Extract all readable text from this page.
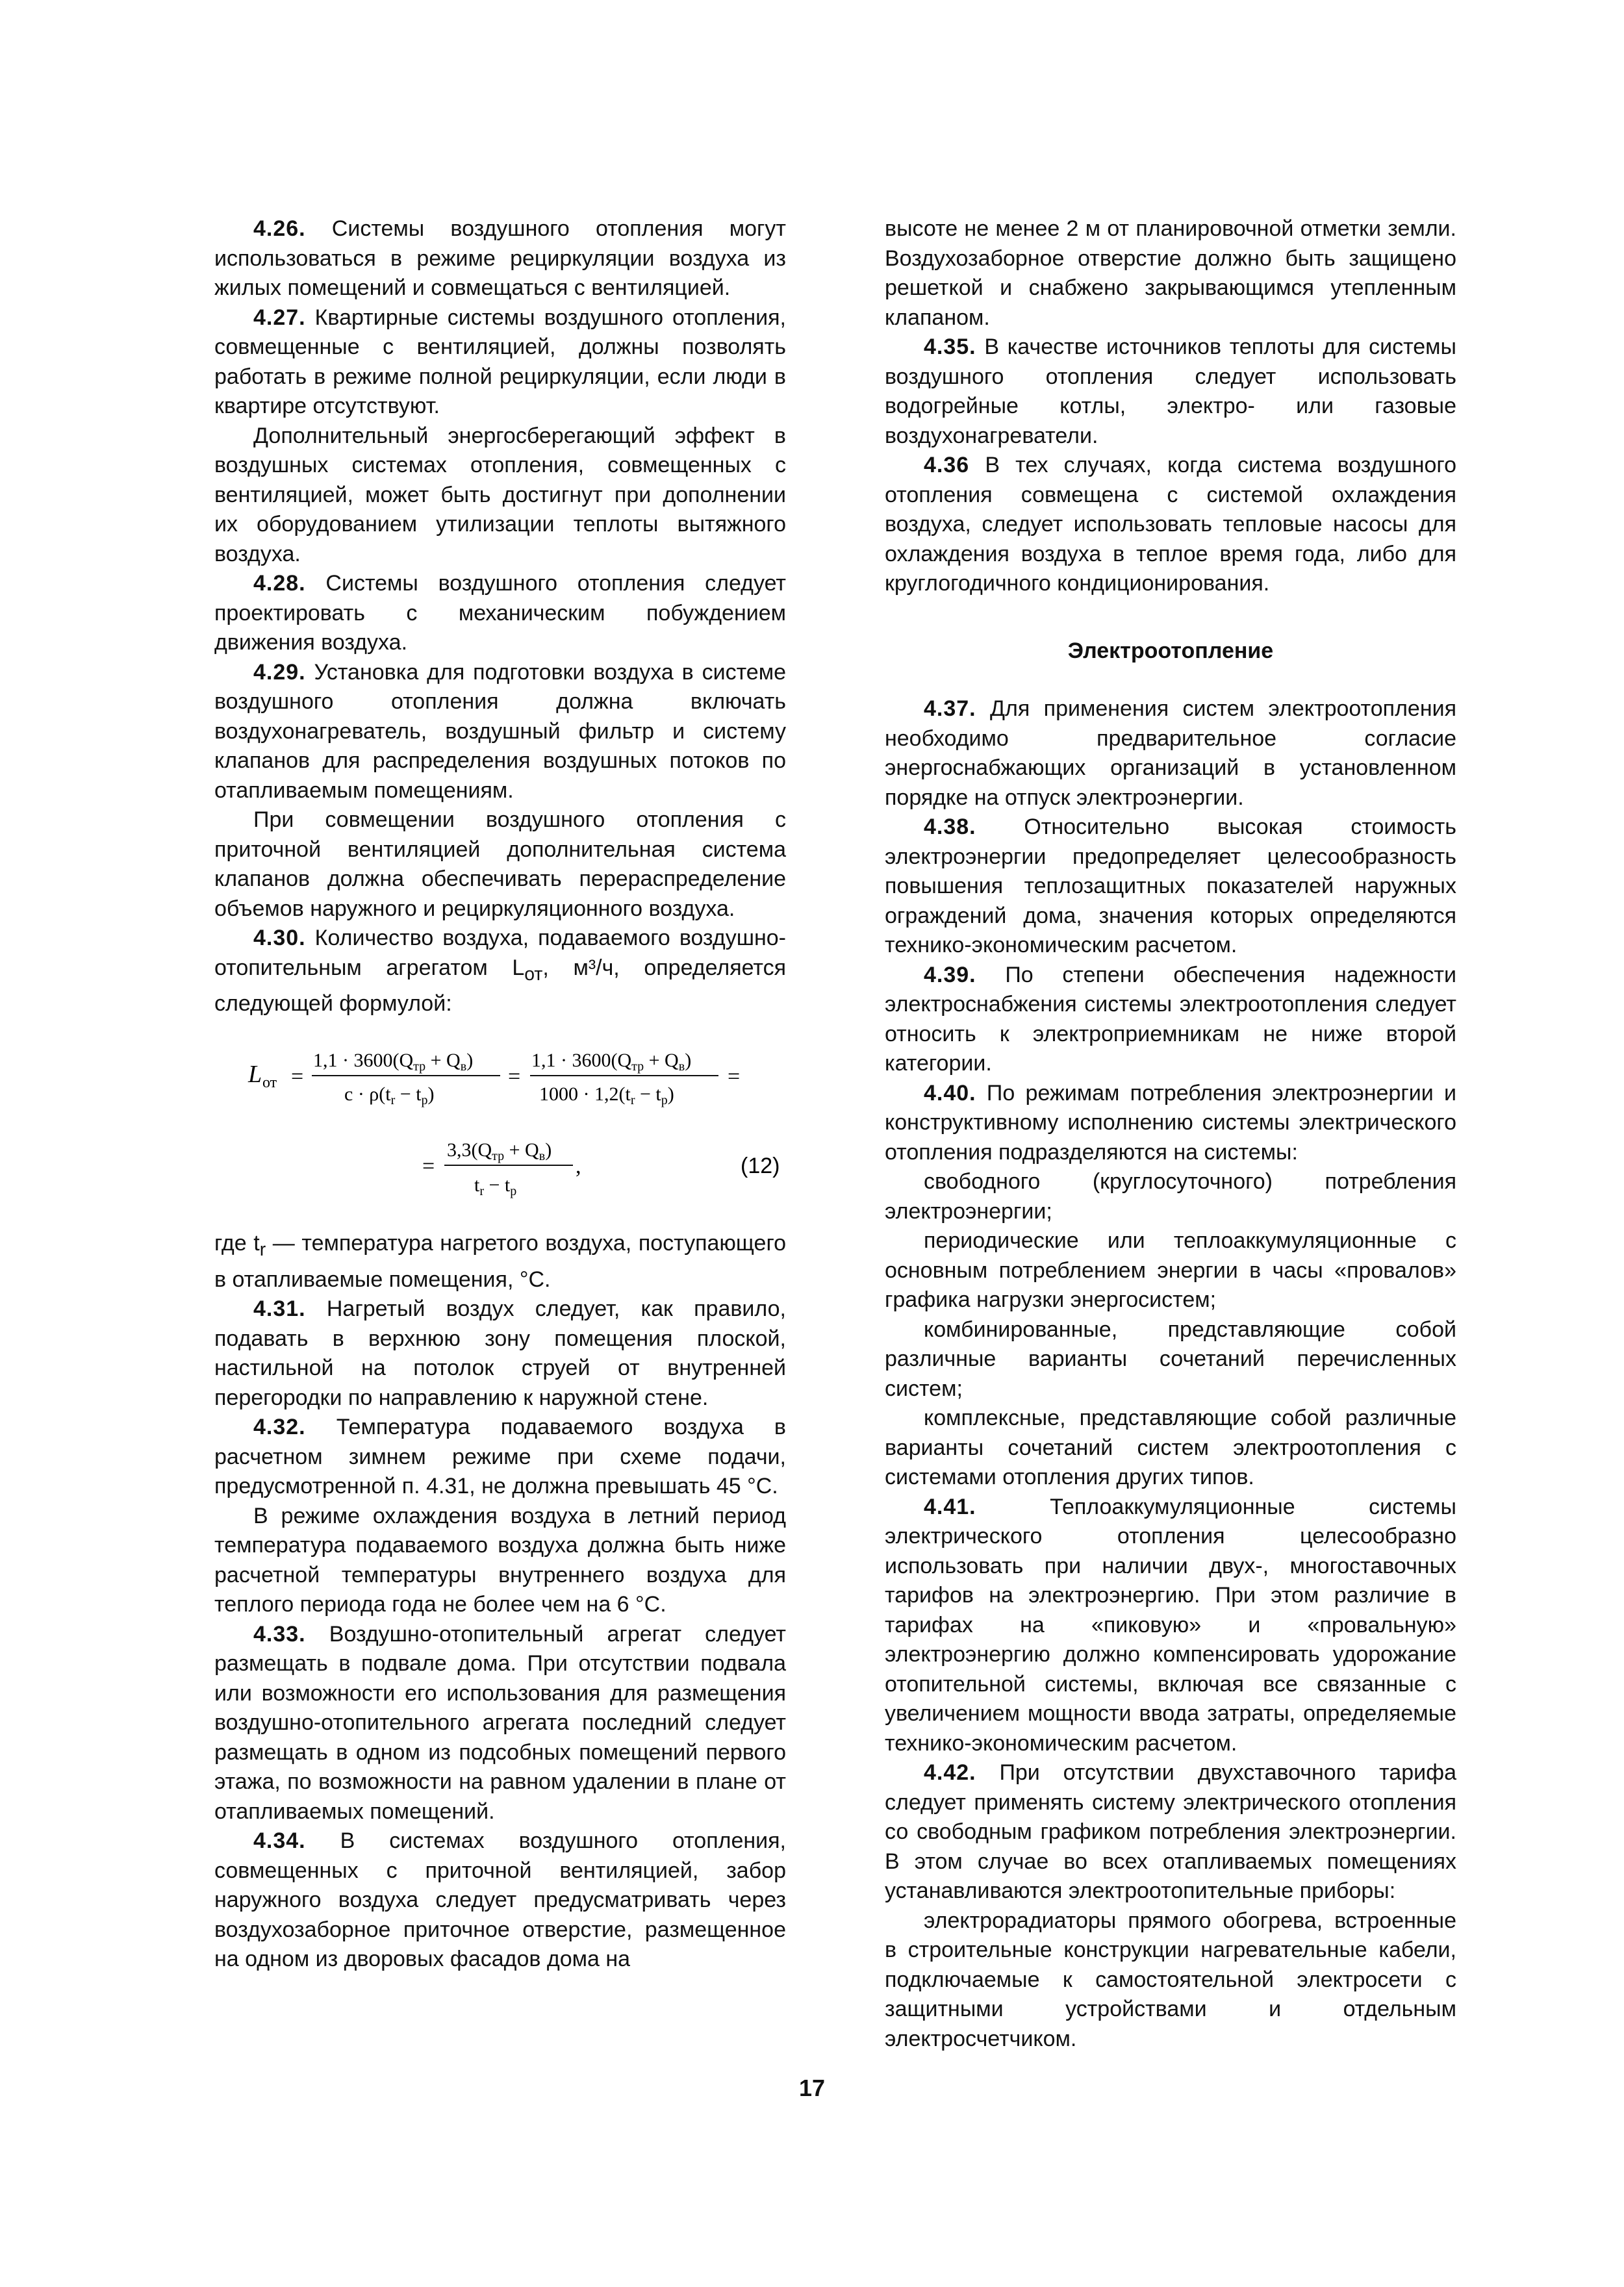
4.26. Системы воздушного отопления могут использоваться в режиме рециркуляции воздуха из жилых помещений и совмещаться с вентиляцией.

4.27. Квартирные системы воздушного отопления, совмещенные с вентиляцией, должны позволять работать в режиме полной рециркуляции, если люди в квартире отсутствуют.

Дополнительный энергосберегающий эффект в воздушных системах отопления, совмещенных с вентиляцией, может быть достигнут при дополнении их оборудованием утилизации теплоты вытяжного воздуха.

4.28. Системы воздушного отопления следует проектировать с механическим побуждением движения воздуха.

4.29. Установка для подготовки воздуха в системе воздушного отопления должна включать воздухонагреватель, воздушный фильтр и систему клапанов для распределения воздушных потоков по отапливаемым помещениям.

При совмещении воздушного отопления с приточной вентиляцией дополнительная система клапанов должна обеспечивать перераспределение объемов наружного и рециркуляционного воздуха.

4.30. Количество воздуха, подаваемого воздушно-отопительным агрегатом $L_{от}$, м³/ч, определяется следующей формулой:

L от =
$1,1 \cdot 3600(Q_{тр} + Q_в)$
$c \cdot \rho(t_r - t_p)$
=
$1,1 \cdot 3600(Q_{тр} + Q_в)$
$1000 \cdot 1,2(t_r - t_p)$
=
=
$3,3(Q_{тр} + Q_в)$
$t_r - t_p$
,	(12)

где $t_r$ — температура нагретого воздуха, поступающего в отапливаемые помещения, °C.

4.31. Нагретый воздух следует, как правило, подавать в верхнюю зону помещения плоской, настильной на потолок струей от внутренней перегородки по направлению к наружной стене.

4.32. Температура подаваемого воздуха в расчетном зимнем режиме при схеме подачи, предусмотренной п. 4.31, не должна превышать 45 °C.

В режиме охлаждения воздуха в летний период температура подаваемого воздуха должна быть ниже расчетной температуры внутреннего воздуха для теплого периода года не более чем на 6 °C.

4.33. Воздушно-отопительный агрегат следует размещать в подвале дома. При отсутствии подвала или возможности его использования для размещения воздушно-отопительного агрегата последний следует размещать в одном из подсобных помещений первого этажа, по возможности на равном удалении в плане от отапливаемых помещений.

4.34. В системах воздушного отопления, совмещенных с приточной вентиляцией, забор наружного воздуха следует предусматривать через воздухозаборное приточное отверстие, размещенное на одном из дворовых фасадов дома на

высоте не менее 2 м от планировочной отметки земли. Воздухозаборное отверстие должно быть защищено решеткой и снабжено закрывающимся утепленным клапаном.

4.35. В качестве источников теплоты для системы воздушного отопления следует использовать водогрейные котлы, электро- или газовые воздухонагреватели.

4.36 В тех случаях, когда система воздушного отопления совмещена с системой охлаждения воздуха, следует использовать тепловые насосы для охлаждения воздуха в теплое время года, либо для круглогодичного кондиционирования.

Электроотопление

4.37. Для применения систем электроотопления необходимо предварительное согласие энергоснабжающих организаций в установленном порядке на отпуск электроэнергии.

4.38. Относительно высокая стоимость электроэнергии предопределяет целесообразность повышения теплозащитных показателей наружных ограждений дома, значения которых определяются технико-экономическим расчетом.

4.39. По степени обеспечения надежности электроснабжения системы электроотопления следует относить к электроприемникам не ниже второй категории.

4.40. По режимам потребления электроэнергии и конструктивному исполнению системы электрического отопления подразделяются на системы:

свободного (круглосуточного) потребления электроэнергии;

периодические или теплоаккумуляционные с основным потреблением энергии в часы «провалов» графика нагрузки энергосистем;

комбинированные, представляющие собой различные варианты сочетаний перечисленных систем;

комплексные, представляющие собой различные варианты сочетаний систем электроотопления с системами отопления других типов.

4.41. Теплоаккумуляционные системы электрического отопления целесообразно использовать при наличии двух-, многоставочных тарифов на электроэнергию. При этом различие в тарифах на «пиковую» и «провальную» электроэнергию должно компенсировать удорожание отопительной системы, включая все связанные с увеличением мощности ввода затраты, определяемые технико-экономическим расчетом.

4.42. При отсутствии двухставочного тарифа следует применять систему электрического отопления со свободным графиком потребления электроэнергии. В этом случае во всех отапливаемых помещениях устанавливаются электроотопительные приборы:

электрорадиаторы прямого обогрева, встроенные в строительные конструкции нагревательные кабели, подключаемые к самостоятельной электросети с защитными устройствами и отдельным электросчетчиком.

17
